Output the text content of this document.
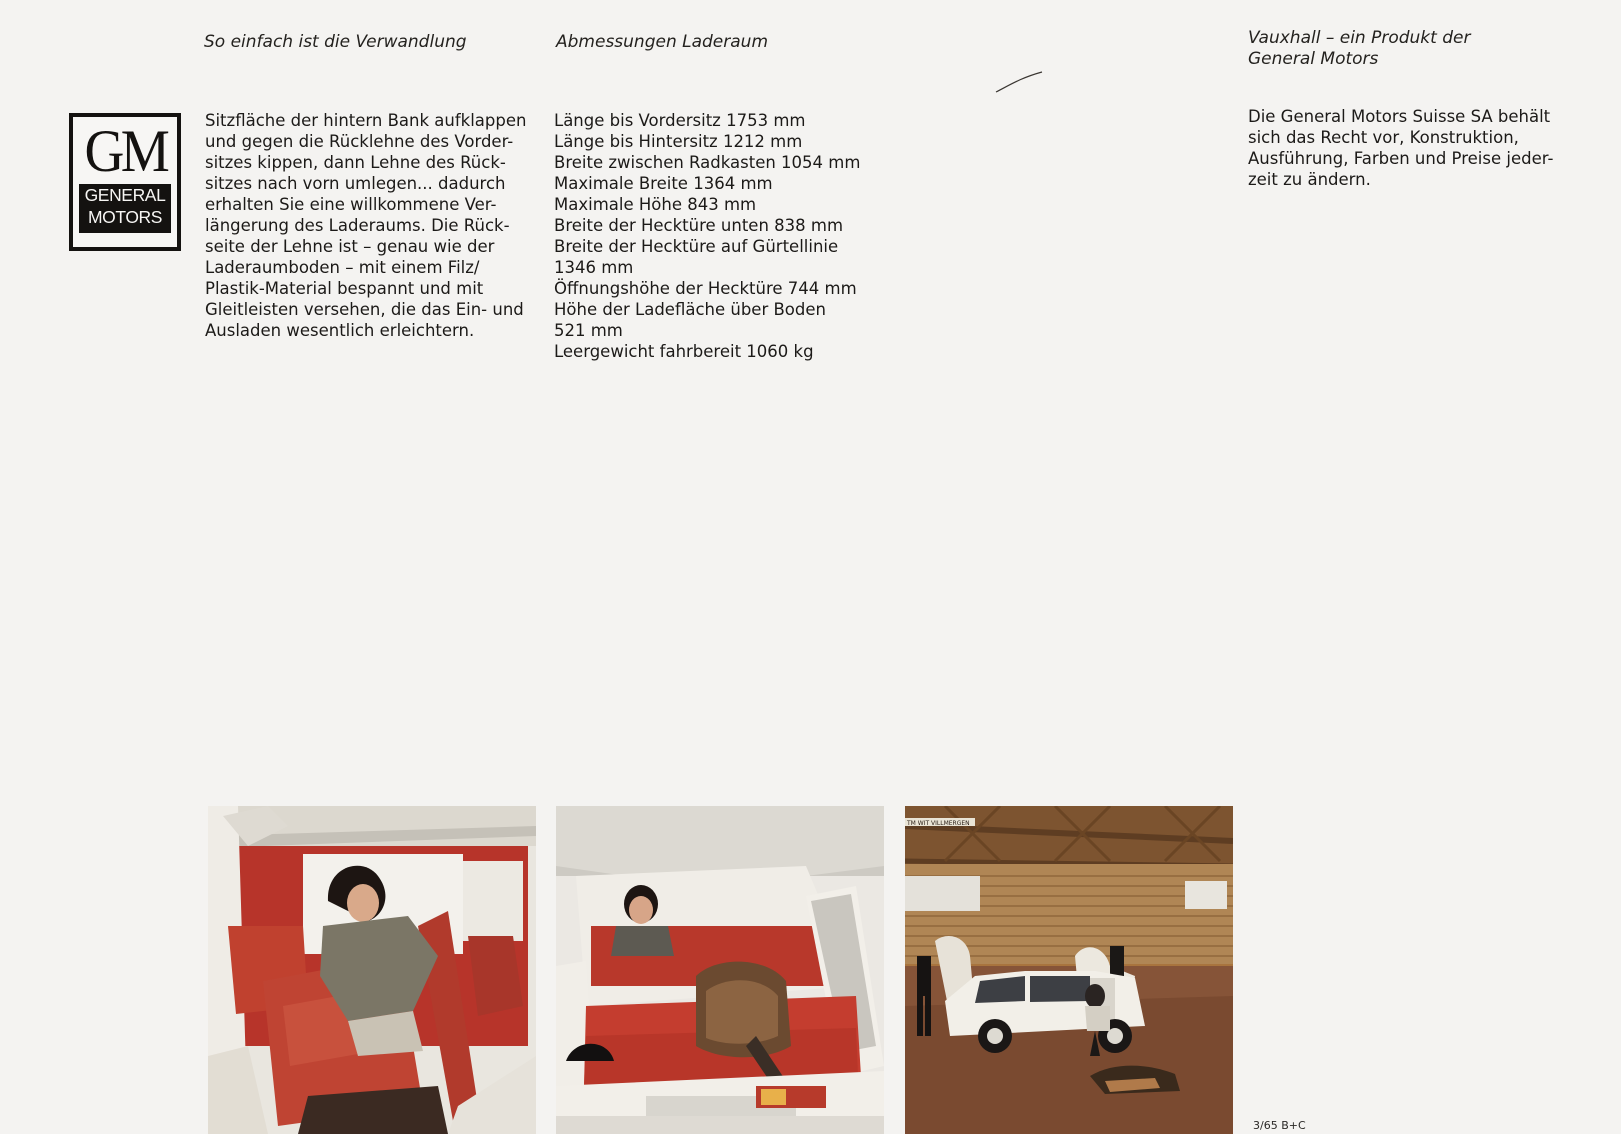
So einfach ist die Verwandlung

Sitzfläche der hintern Bank aufklappen
und gegen die Rücklehne des Vorder-
sitzes kippen, dann Lehne des Rück-
sitzes nach vorn umlegen... dadurch
erhalten Sie eine willkommene Ver-
längerung des Laderaums. Die Rück-
seite der Lehne ist – genau wie der
Laderaumboden – mit einem Filz/
Plastik-Material bespannt und mit
Gleitleisten versehen, die das Ein- und
Ausladen wesentlich erleichtern.

Abmessungen Laderaum
Länge bis Vordersitz 1753 mm
Länge bis Hintersitz 1212 mm
Breite zwischen Radkasten 1054 mm
Maximale Breite 1364 mm
Maximale Höhe 843 mm
Breite der Hecktüre unten 838 mm
Breite der Hecktüre auf Gürtellinie
1346 mm
Öffnungshöhe der Hecktüre 744 mm
Höhe der Ladefläche über Boden
521 mm
Leergewicht fahrbereit 1060 kg
Vauxhall – ein Produkt der
General Motors

Die General Motors Suisse SA behält
sich das Recht vor, Konstruktion,
Ausführung, Farben und Preise jeder-
zeit zu ändern.

GM
GENERAL
MOTORS
TM WIT VILLMERGEN

3/65 B+C
